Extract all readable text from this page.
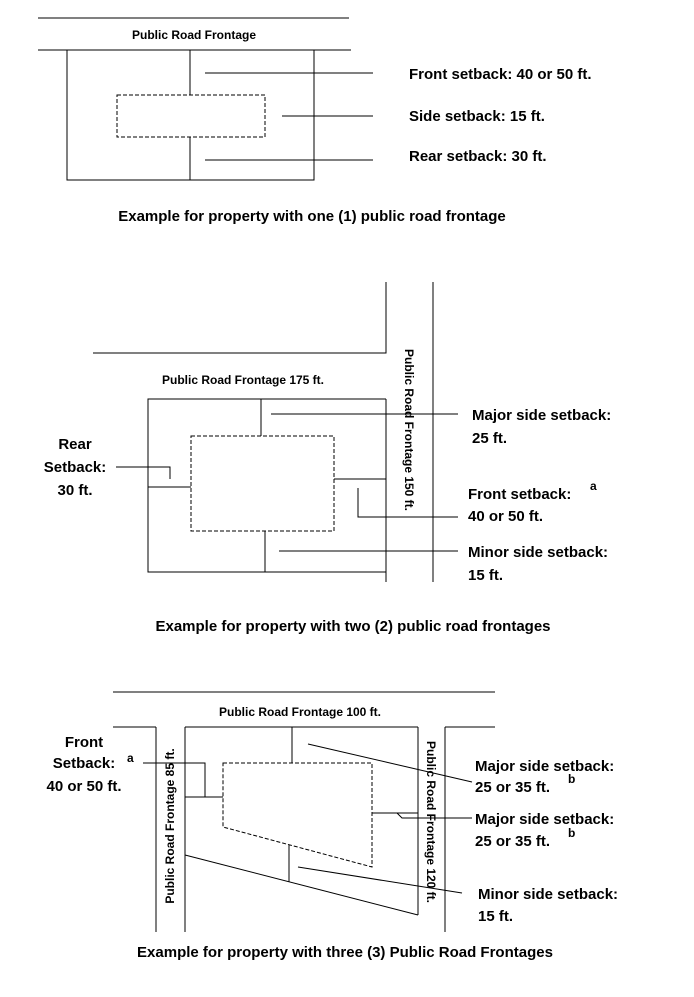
Public Road Frontage
Front setback: 40 or 50 ft.
Side setback: 15 ft.
Rear setback: 30 ft.
Example for property with one (1) public road frontage
Public Road Frontage 175 ft.	Public Road Frontage 150 ft.
Rear
Setback:
30 ft.
Major side setback:
25 ft.
Front setback: a
40 or 50 ft.
Minor side setback:
15 ft.
Example for property with two (2) public road frontages
Public Road Frontage 100 ft.
Public Road Frontage 85 ft.	Public Road Frontage 120 ft.
Front
Setback: a
40 or 50 ft.
Major side setback:
25 or 35 ft. b
Major side setback:
25 or 35 ft. b
Minor side setback:
15 ft.
Example for property with three (3) Public Road Frontages
